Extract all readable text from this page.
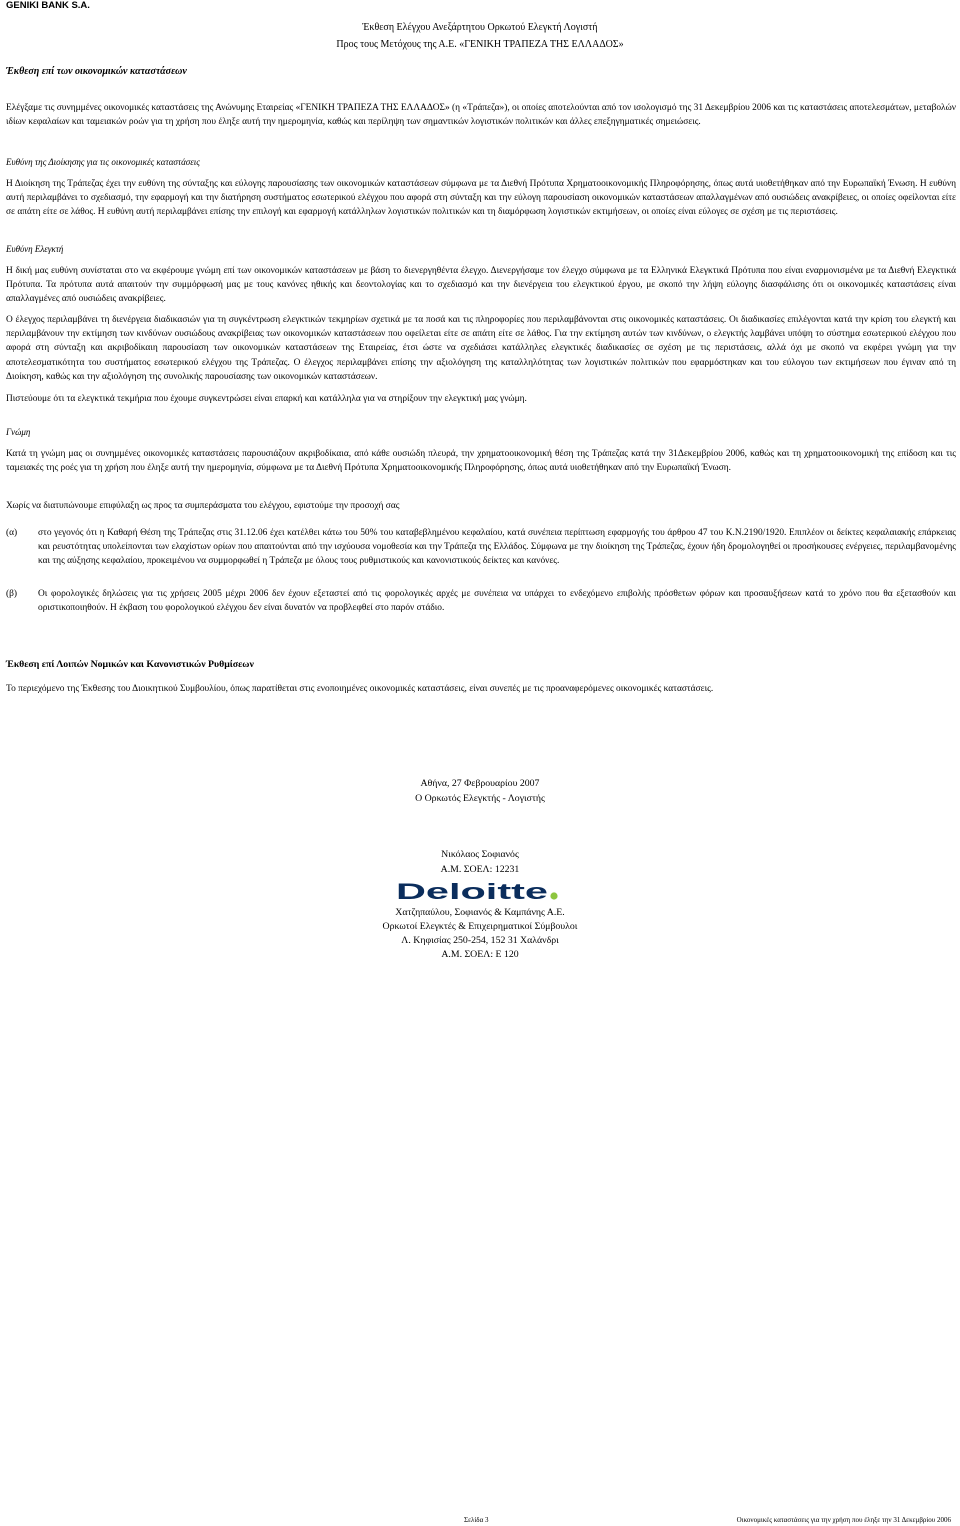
GENIKI BANK S.A.
Έκθεση Ελέγχου Ανεξάρτητου Ορκωτού Ελεγκτή Λογιστή
Προς τους Μετόχους της Α.Ε. «ΓΕΝΙΚΗ ΤΡΑΠΕΖΑ ΤΗΣ ΕΛΛΑΔΟΣ»
Έκθεση επί των οικονομικών καταστάσεων
Ελέγξαμε τις συνημμένες οικονομικές καταστάσεις της Ανώνυμης Εταιρείας «ΓΕΝΙΚΗ ΤΡΑΠΕΖΑ ΤΗΣ ΕΛΛΑΔΟΣ» (η «Τράπεζα»), οι οποίες αποτελούνται από τον ισολογισμό της 31 Δεκεμβρίου 2006 και τις καταστάσεις αποτελεσμάτων, μεταβολών ιδίων κεφαλαίων και ταμειακών ροών για τη χρήση που έληξε αυτή την ημερομηνία, καθώς και περίληψη των σημαντικών λογιστικών πολιτικών και άλλες επεξηγηματικές σημειώσεις.
Ευθύνη της Διοίκησης για τις οικονομικές καταστάσεις
Η Διοίκηση της Τράπεζας έχει την ευθύνη της σύνταξης και εύλογης παρουσίασης των οικονομικών καταστάσεων σύμφωνα με τα Διεθνή Πρότυπα Χρηματοοικονομικής Πληροφόρησης, όπως αυτά υιοθετήθηκαν από την Ευρωπαϊκή Ένωση. Η ευθύνη αυτή περιλαμβάνει το σχεδιασμό, την εφαρμογή και την διατήρηση συστήματος εσωτερικού ελέγχου που αφορά στη σύνταξη και την εύλογη παρουσίαση οικονομικών καταστάσεων απαλλαγμένων από ουσιώδεις ανακρίβειες, οι οποίες οφείλονται είτε σε απάτη είτε σε λάθος. Η ευθύνη αυτή περιλαμβάνει επίσης την επιλογή και εφαρμογή κατάλληλων λογιστικών πολιτικών και τη διαμόρφωση λογιστικών εκτιμήσεων, οι οποίες είναι εύλογες σε σχέση με τις περιστάσεις.
Ευθύνη Ελεγκτή
Η δική μας ευθύνη συνίσταται στο να εκφέρουμε γνώμη επί των οικονομικών καταστάσεων με βάση το διενεργηθέντα έλεγχο. Διενεργήσαμε τον έλεγχο σύμφωνα με τα Ελληνικά Ελεγκτικά Πρότυπα που είναι εναρμονισμένα με τα Διεθνή Ελεγκτικά Πρότυπα. Τα πρότυπα αυτά απαιτούν την συμμόρφωσή μας με τους κανόνες ηθικής και δεοντολογίας και το σχεδιασμό και την διενέργεια του ελεγκτικού έργου, με σκοπό την λήψη εύλογης διασφάλισης ότι οι οικονομικές καταστάσεις είναι απαλλαγμένες από ουσιώδεις ανακρίβειες.
Ο έλεγχος περιλαμβάνει τη διενέργεια διαδικασιών για τη συγκέντρωση ελεγκτικών τεκμηρίων σχετικά με τα ποσά και τις πληροφορίες που περιλαμβάνονται στις οικονομικές καταστάσεις. Οι διαδικασίες επιλέγονται κατά την κρίση του ελεγκτή και περιλαμβάνουν την εκτίμηση των κινδύνων ουσιώδους ανακρίβειας των οικονομικών καταστάσεων που οφείλεται είτε σε απάτη είτε σε λάθος. Για την εκτίμηση αυτών των κινδύνων, ο ελεγκτής λαμβάνει υπόψη το σύστημα εσωτερικού ελέγχου που αφορά στη σύνταξη και ακριβοδίκαιη παρουσίαση των οικονομικών καταστάσεων της Εταιρείας, έτσι ώστε να σχεδιάσει κατάλληλες ελεγκτικές διαδικασίες σε σχέση με τις περιστάσεις, αλλά όχι με σκοπό να εκφέρει γνώμη για την αποτελεσματικότητα του συστήματος εσωτερικού ελέγχου της Τράπεζας. Ο έλεγχος περιλαμβάνει επίσης την αξιολόγηση της καταλληλότητας των λογιστικών πολιτικών που εφαρμόστηκαν και του εύλογου των εκτιμήσεων που έγιναν από τη Διοίκηση, καθώς και την αξιολόγηση της συνολικής παρουσίασης των οικονομικών καταστάσεων.
Πιστεύουμε ότι τα ελεγκτικά τεκμήρια που έχουμε συγκεντρώσει είναι επαρκή και κατάλληλα για να στηρίξουν την ελεγκτική μας γνώμη.
Γνώμη
Κατά τη γνώμη μας οι συνημμένες οικονομικές καταστάσεις παρουσιάζουν ακριβοδίκαια, από κάθε ουσιώδη πλευρά, την χρηματοοικονομική θέση της Τράπεζας κατά την 31Δεκεμβρίου 2006, καθώς και τη χρηματοοικονομική της επίδοση και τις ταμειακές της ροές για τη χρήση που έληξε αυτή την ημερομηνία, σύμφωνα με τα Διεθνή Πρότυπα Χρηματοοικονομικής Πληροφόρησης, όπως αυτά υιοθετήθηκαν από την Ευρωπαϊκή Ένωση.
Χωρίς να διατυπώνουμε επιφύλαξη ως προς τα συμπεράσματα του ελέγχου, εφιστούμε την προσοχή σας
(α) στο γεγονός ότι η Καθαρή Θέση της Τράπεζας στις 31.12.06 έχει κατέλθει κάτω του 50% του καταβεβλημένου κεφαλαίου, κατά συνέπεια περίπτωση εφαρμογής του άρθρου 47 του Κ.Ν.2190/1920. Επιπλέον οι δείκτες κεφαλαιακής επάρκειας και ρευστότητας υπολείπονται των ελαχίστων ορίων που απαιτούνται από την ισχύουσα νομοθεσία και την Τράπεζα της Ελλάδος. Σύμφωνα με την διοίκηση της Τράπεζας, έχουν ήδη δρομολογηθεί οι προσήκουσες ενέργειες, περιλαμβανομένης και της αύξησης κεφαλαίου, προκειμένου να συμμορφωθεί η Τράπεζα με όλους τους ρυθμιστικούς και κανονιστικούς δείκτες και κανόνες.
(β) Οι φορολογικές δηλώσεις για τις χρήσεις 2005 μέχρι 2006 δεν έχουν εξεταστεί από τις φορολογικές αρχές με συνέπεια να υπάρχει το ενδεχόμενο επιβολής πρόσθετων φόρων και προσαυξήσεων κατά το χρόνο που θα εξετασθούν και οριστικοποιηθούν. Η έκβαση του φορολογικού ελέγχου δεν είναι δυνατόν να προβλεφθεί στο παρόν στάδιο.
Έκθεση επί Λοιπών Νομικών και Κανονιστικών Ρυθμίσεων
Το περιεχόμενο της Έκθεσης του Διοικητικού Συμβουλίου, όπως παρατίθεται στις ενοποιημένες οικονομικές καταστάσεις, είναι συνεπές με τις προαναφερόμενες οικονομικές καταστάσεις.
Αθήνα, 27 Φεβρουαρίου 2007
Ο Ορκωτός Ελεγκτής - Λογιστής
Νικόλαος Σοφιανός
Α.Μ. ΣΟΕΛ: 12231
Deloitte
Χατζηπαύλου, Σοφιανός & Καμπάνης Α.Ε.
Ορκωτοί Ελεγκτές & Επιχειρηματικοί Σύμβουλοι
Λ. Κηφισίας 250-254, 152 31 Χαλάνδρι
Α.Μ. ΣΟΕΛ: Ε 120
Σελίδα 3	Οικονομικές καταστάσεις για την χρήση που έληξε την 31 Δεκεμβρίου 2006
